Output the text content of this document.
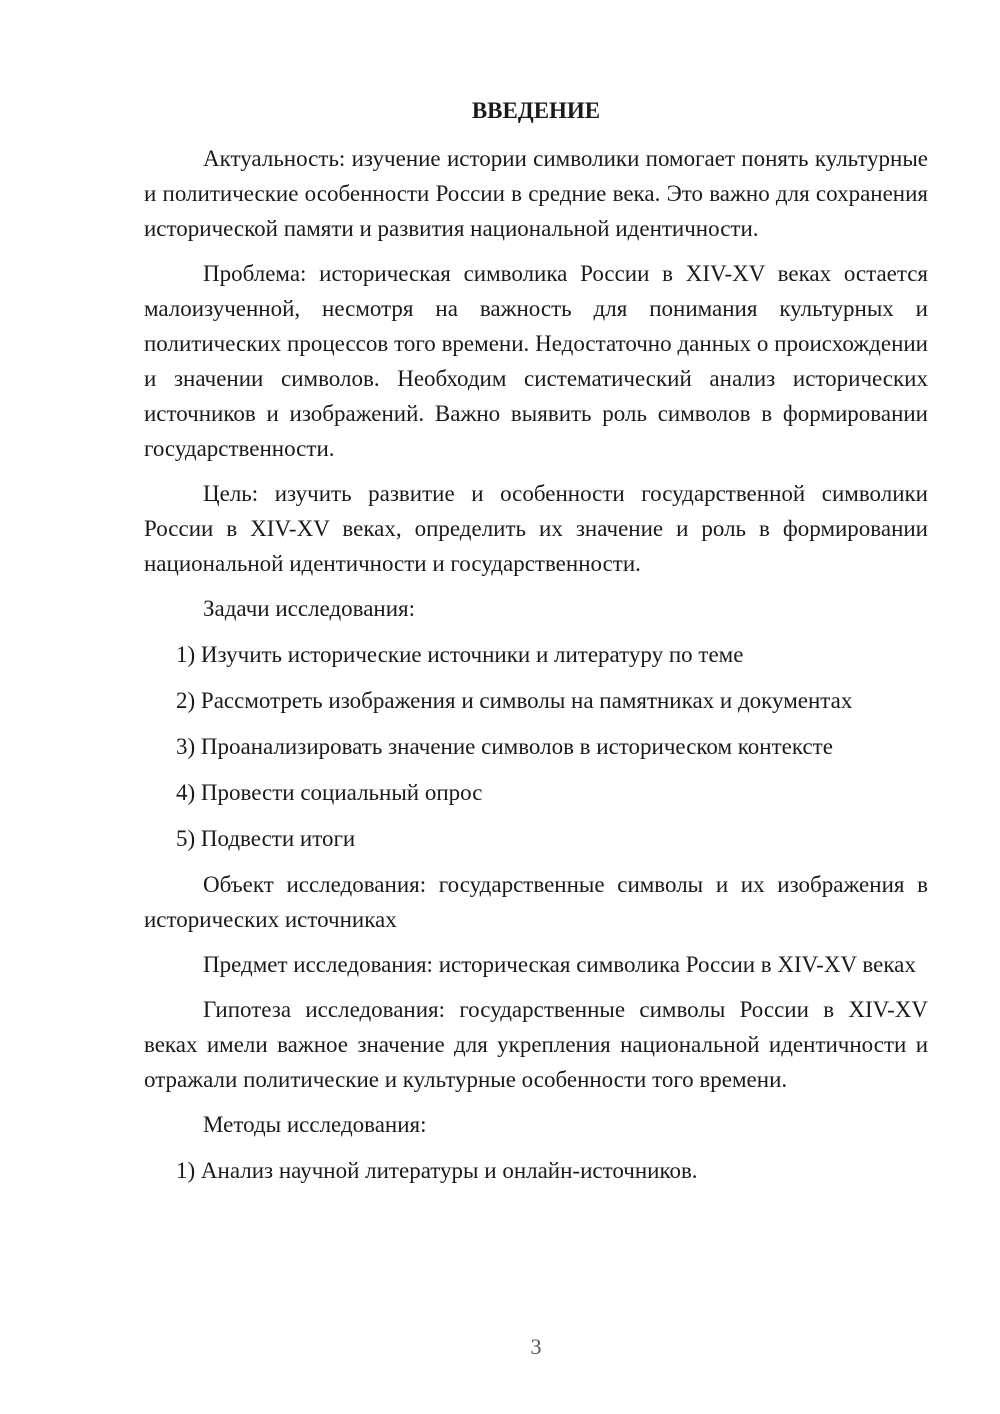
ВВЕДЕНИЕ

Актуальность: изучение истории символики помогает понять культурные и политические особенности России в средние века. Это важно для сохранения исторической памяти и развития национальной идентичности.

Проблема: историческая символика России в XIV-XV веках остается малоизученной, несмотря на важность для понимания культурных и политических процессов того времени. Недостаточно данных о происхождении и значении символов. Необходим систематический анализ исторических источников и изображений. Важно выявить роль символов в формировании государственности.

Цель: изучить развитие и особенности государственной символики России в XIV-XV веках, определить их значение и роль в формировании национальной идентичности и государственности.

Задачи исследования:
1) Изучить исторические источники и литературу по теме
2) Рассмотреть изображения и символы на памятниках и документах
3) Проанализировать значение символов в историческом контексте
4) Провести социальный опрос
5) Подвести итоги

Объект исследования: государственные символы и их изображения в исторических источниках

Предмет исследования: историческая символика России в XIV-XV веках

Гипотеза исследования: государственные символы России в XIV-XV веках имели важное значение для укрепления национальной идентичности и отражали политические и культурные особенности того времени.

Методы исследования:
1) Анализ научной литературы и онлайн-источников.
3
